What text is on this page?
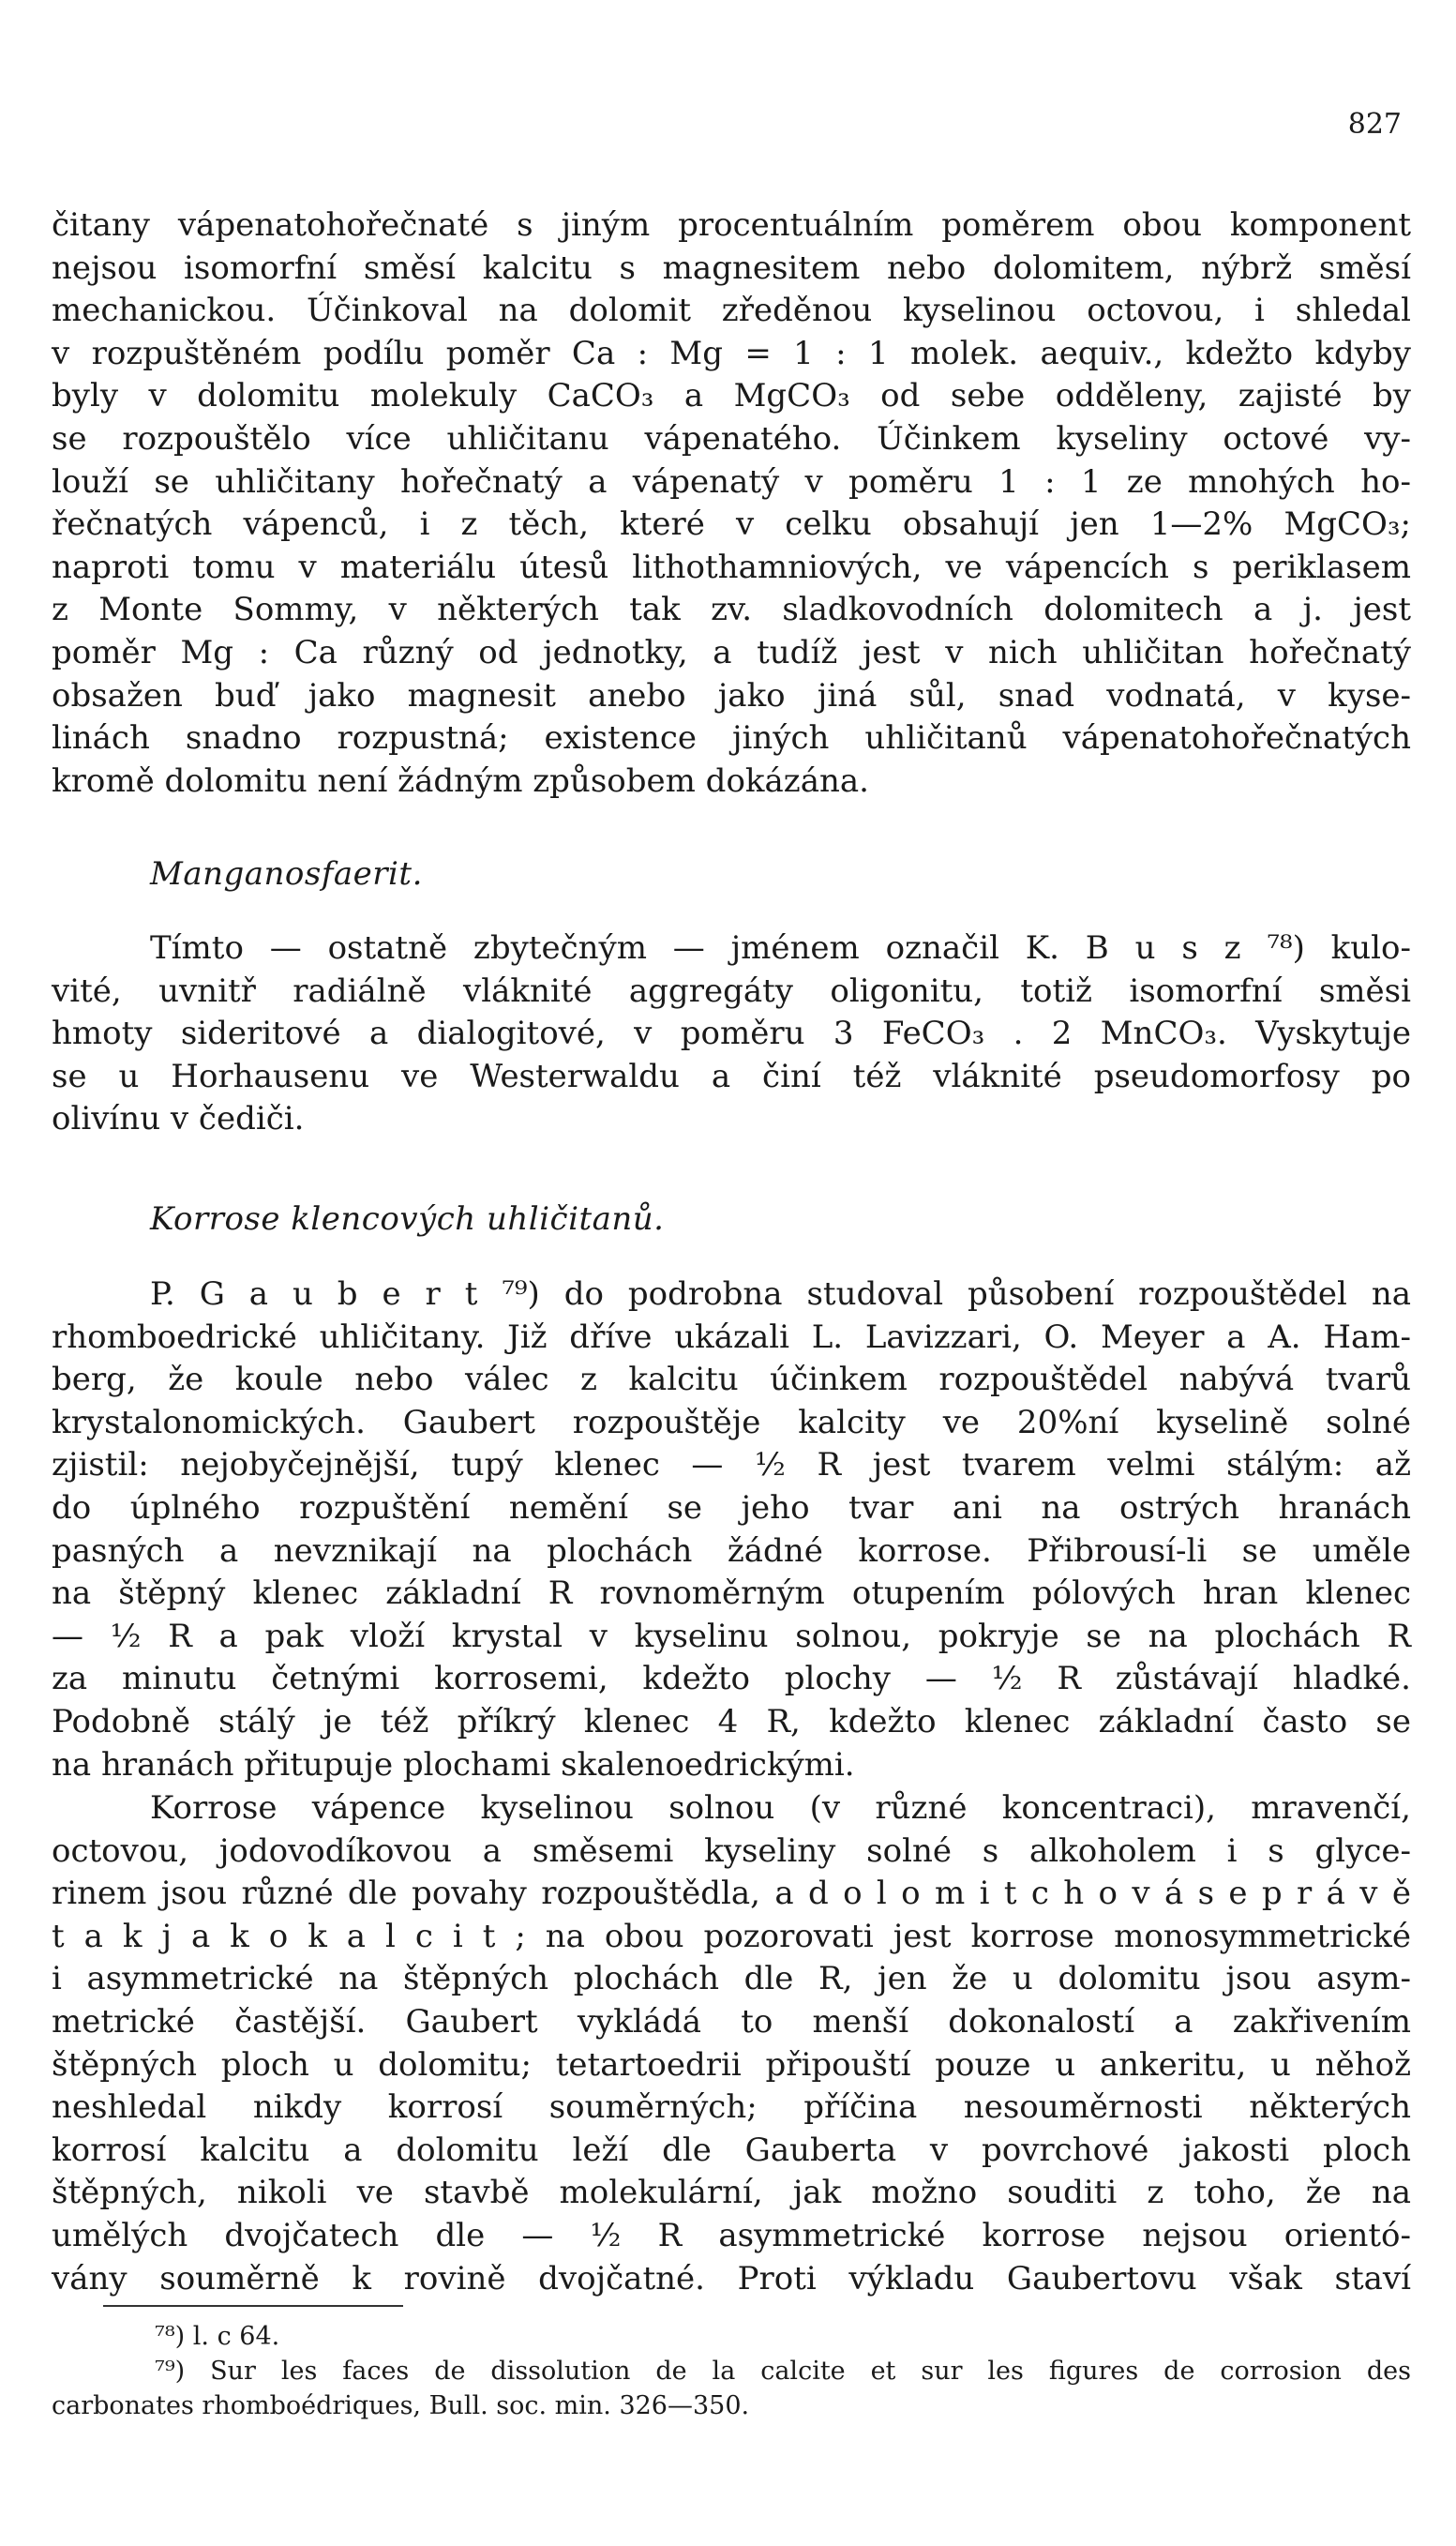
827
čitany vápenatohořečnaté s jiným procentuálním poměrem obou komponent
nejsou isomorfní směsí kalcitu s magnesitem nebo dolomitem, nýbrž směsí
mechanickou. Účinkoval na dolomit zředěnou kyselinou octovou, i shledal
v rozpuštěném podílu poměr Ca : Mg = 1 : 1 molek. aequiv., kdežto kdyby
byly v dolomitu molekuly CaCO₃ a MgCO₃ od sebe odděleny, zajisté by
se rozpouštělo více uhličitanu vápenatého. Účinkem kyseliny octové vy-
louží se uhličitany hořečnatý a vápenatý v poměru 1 : 1 ze mnohých ho-
řečnatých vápenců, i z těch, které v celku obsahují jen 1—2% MgCO₃;
naproti tomu v materiálu útesů lithothamniových, ve vápencích s periklasem
z Monte Sommy, v některých tak zv. sladkovodních dolomitech a j. jest
poměr Mg : Ca různý od jednotky, a tudíž jest v nich uhličitan hořečnatý
obsažen buď jako magnesit anebo jako jiná sůl, snad vodnatá, v kyse-
linách snadno rozpustná; existence jiných uhličitanů vápenatohořečnatých
kromě dolomitu není žádným způsobem dokázána.
Manganosfaerit.
Tímto — ostatně zbytečným — jménem označil K. B u s z ⁷⁸) kulo-
vité, uvnitř radiálně vláknité aggregáty oligonitu, totiž isomorfní směsi
hmoty sideritové a dialogitové, v poměru 3 FeCO₃ . 2 MnCO₃. Vyskytuje
se u Horhausenu ve Westerwaldu a činí též vláknité pseudomorfosy po
olivínu v čediči.
Korrose klencových uhličitanů.
P. G a u b e r t ⁷⁹) do podrobna studoval působení rozpouštědel na
rhomboedrické uhličitany. Již dříve ukázali L. Lavizzari, O. Meyer a A. Ham-
berg, že koule nebo válec z kalcitu účinkem rozpouštědel nabývá tvarů
krystalonomických. Gaubert rozpouštěje kalcity ve 20%ní kyselině solné
zjistil: nejobyčejnější, tupý klenec — ½ R jest tvarem velmi stálým: až
do úplného rozpuštění nemění se jeho tvar ani na ostrých hranách
pasných a nevznikají na plochách žádné korrose. Přibrousí-li se uměle
na štěpný klenec základní R rovnoměrným otupením pólových hran klenec
— ½ R a pak vloží krystal v kyselinu solnou, pokryje se na plochách R
za minutu četnými korrosemi, kdežto plochy — ½ R zůstávají hladké.
Podobně stálý je též příkrý klenec 4 R, kdežto klenec základní často se
na hranách přitupuje plochami skalenoedrickými.
Korrose vápence kyselinou solnou (v různé koncentraci), mravenčí,
octovou, jodovodíkovou a směsemi kyseliny solné s alkoholem i s glyce-
rinem jsou různé dle povahy rozpouštědla, a d o l o m i t c h o v á s e p r á v ě
t a k j a k o k a l c i t ; na obou pozorovati jest korrose monosymmetrické
i asymmetrické na štěpných plochách dle R, jen že u dolomitu jsou asym-
metrické častější. Gaubert vykládá to menší dokonalostí a zakřivením
štěpných ploch u dolomitu; tetartoedrii připouští pouze u ankeritu, u něhož
neshledal nikdy korrosí souměrných; příčina nesouměrnosti některých
korrosí kalcitu a dolomitu leží dle Gauberta v povrchové jakosti ploch
štěpných, nikoli ve stavbě molekulární, jak možno souditi z toho, že na
umělých dvojčatech dle — ½ R asymmetrické korrose nejsou orientó-
vány souměrně k rovině dvojčatné. Proti výkladu Gaubertovu však staví
⁷⁸) l. c 64.
⁷⁹) Sur les faces de dissolution de la calcite et sur les figures de corrosion des
carbonates rhomboédriques, Bull. soc. min. 326—350.
